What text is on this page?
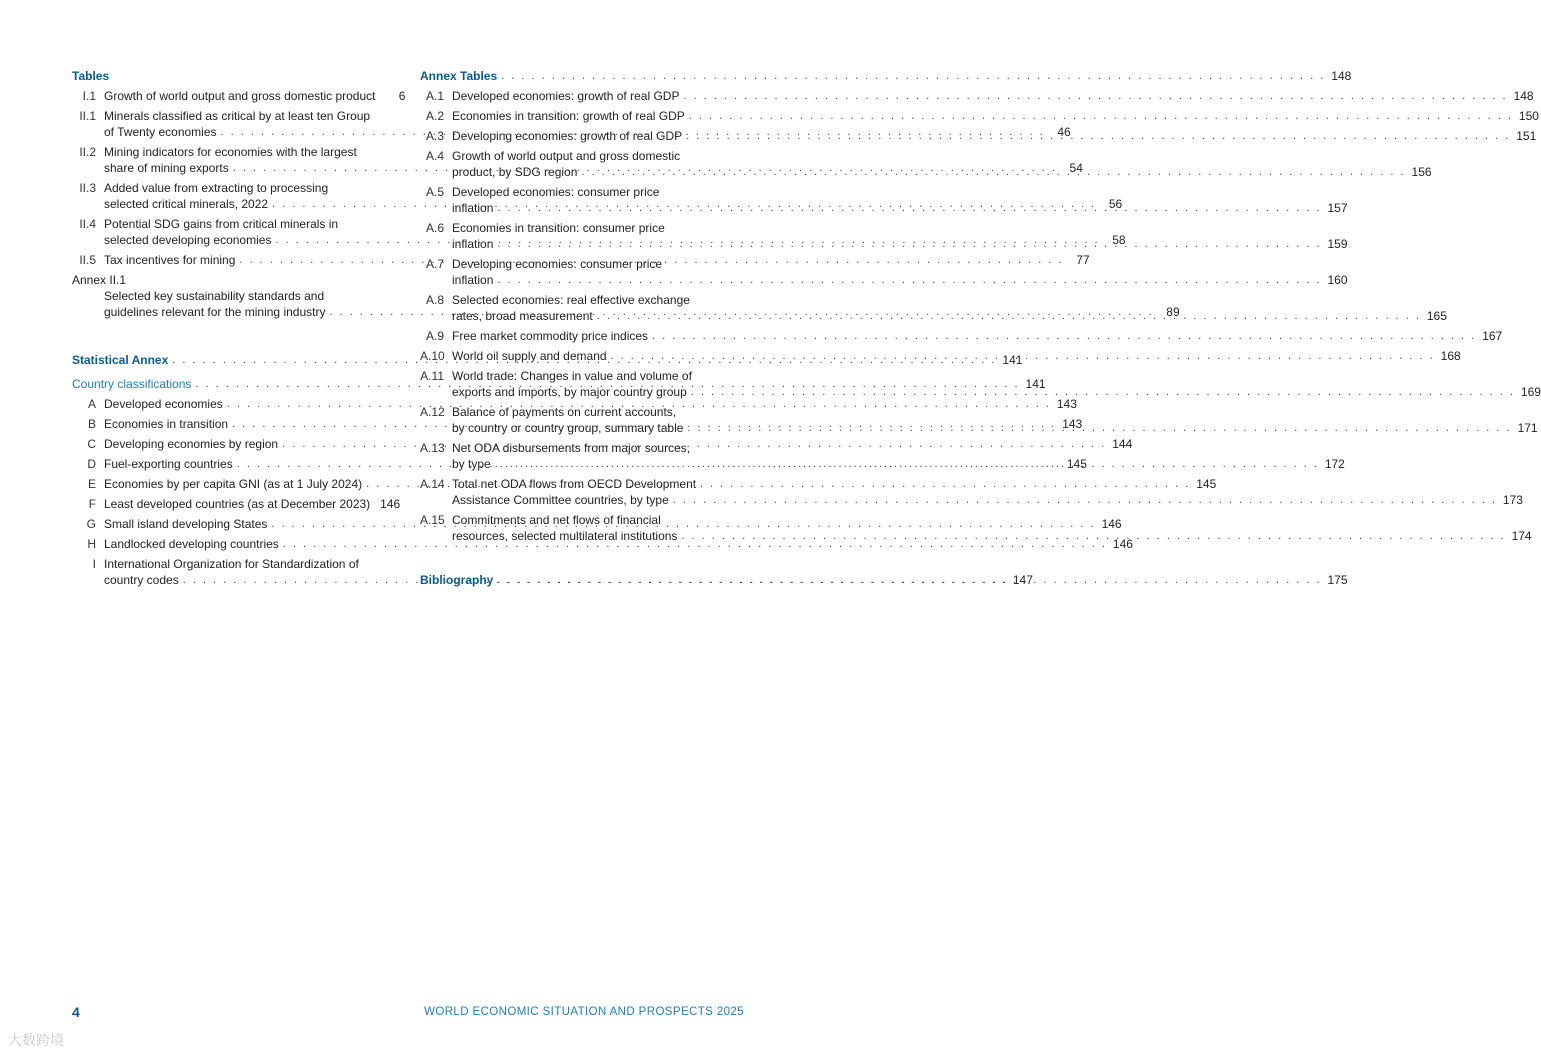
Tables
I.1 Growth of world output and gross domestic product	6
II.1 Minerals classified as critical by at least ten Group
of Twenty economies . . .	46
II.2 Mining indicators for economies with the largest
share of mining exports . . .	54
II.3 Added value from extracting to processing
selected critical minerals, 2022 . . .	56
II.4 Potential SDG gains from critical minerals in
selected developing economies . . .	58
II.5 Tax incentives for mining . . .	77
Annex II.1
Selected key sustainability standards and
guidelines relevant for the mining industry . . .	89
Statistical Annex . . .	141
Country classifications . . .	141
A Developed economies . . .	143
B Economies in transition . . .	143
C Developing economies by region . . .	144
D Fuel-exporting countries . . .	145
E Economies by per capita GNI (as at 1 July 2024) . . .	145
F Least developed countries (as at December 2023) 146
G Small island developing States . . .	146
H Landlocked developing countries . . .	146
I International Organization for Standardization of
country codes . . .	147
Annex Tables . . .	148
A.1 Developed economies: growth of real GDP . . .	148
A.2 Economies in transition: growth of real GDP . . .	150
A.3 Developing economies: growth of real GDP . . .	151
A.4 Growth of world output and gross domestic
product, by SDG region . . .	156
A.5 Developed economies: consumer price
inflation . . .	157
A.6 Economies in transition: consumer price
inflation . . .	159
A.7 Developing economies: consumer price
inflation . . .	160
A.8 Selected economies: real effective exchange
rates, broad measurement . . .	165
A.9 Free market commodity price indices . . .	167
A.10 World oil supply and demand . . .	168
A.11 World trade: Changes in value and volume of
exports and imports, by major country group . . .	169
A.12 Balance of payments on current accounts,
by country or country group, summary table . . .	171
A.13 Net ODA disbursements from major sources,
by type . . .	172
A.14 Total net ODA flows from OECD Development
Assistance Committee countries, by type . . .	173
A.15 Commitments and net flows of financial
resources, selected multilateral institutions . . .	174
Bibliography . . .	175
4	WORLD ECONOMIC SITUATION AND PROSPECTS 2025
大数跨境
